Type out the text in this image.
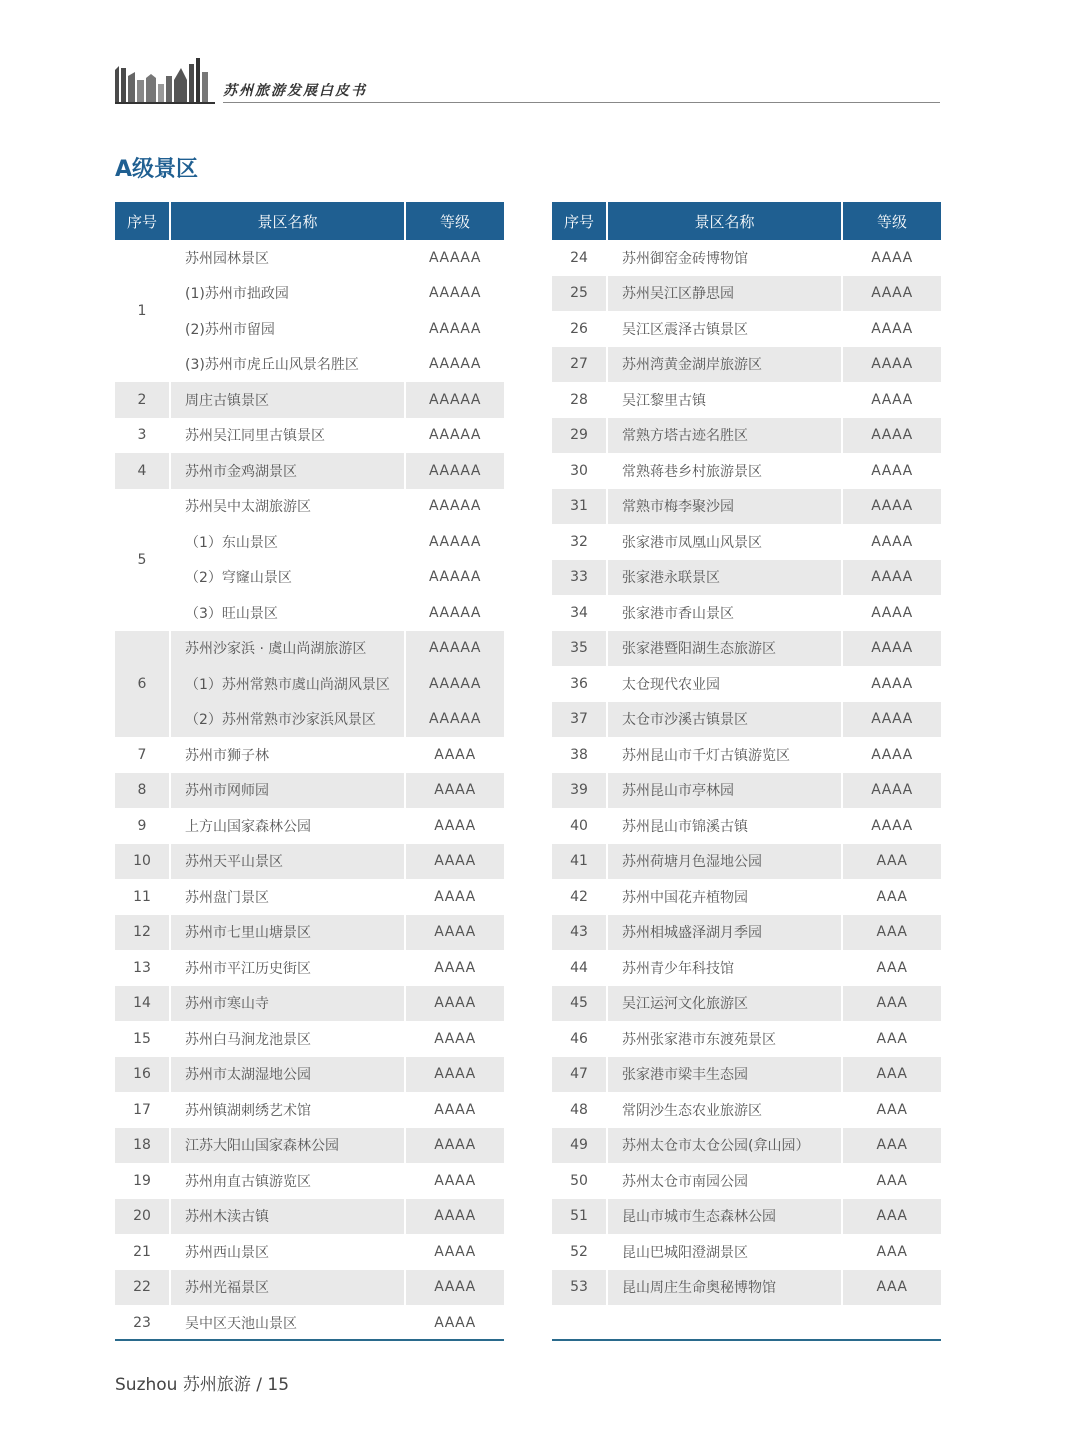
苏州旅游发展白皮书
A级景区
序号	景区名称	等级
1	苏州园林景区	AAAAA
	(1)苏州市拙政园	AAAAA
	(2)苏州市留园	AAAAA
	(3)苏州市虎丘山风景名胜区	AAAAA
2	周庄古镇景区	AAAAA
3	苏州吴江同里古镇景区	AAAAA
4	苏州市金鸡湖景区	AAAAA
5	苏州吴中太湖旅游区	AAAAA
	（1）东山景区	AAAAA
	（2）穹窿山景区	AAAAA
	（3）旺山景区	AAAAA
6	苏州沙家浜 · 虞山尚湖旅游区	AAAAA
	（1）苏州常熟市虞山尚湖风景区	AAAAA
	（2）苏州常熟市沙家浜风景区	AAAAA
7	苏州市狮子林	AAAA
8	苏州市网师园	AAAA
9	上方山国家森林公园	AAAA
10	苏州天平山景区	AAAA
11	苏州盘门景区	AAAA
12	苏州市七里山塘景区	AAAA
13	苏州市平江历史街区	AAAA
14	苏州市寒山寺	AAAA
15	苏州白马涧龙池景区	AAAA
16	苏州市太湖湿地公园	AAAA
17	苏州镇湖刺绣艺术馆	AAAA
18	江苏大阳山国家森林公园	AAAA
19	苏州甪直古镇游览区	AAAA
20	苏州木渎古镇	AAAA
21	苏州西山景区	AAAA
22	苏州光福景区	AAAA
23	吴中区天池山景区	AAAA
序号	景区名称	等级
24	苏州御窑金砖博物馆	AAAA
25	苏州吴江区静思园	AAAA
26	吴江区震泽古镇景区	AAAA
27	苏州湾黄金湖岸旅游区	AAAA
28	吴江黎里古镇	AAAA
29	常熟方塔古迹名胜区	AAAA
30	常熟蒋巷乡村旅游景区	AAAA
31	常熟市梅李聚沙园	AAAA
32	张家港市凤凰山风景区	AAAA
33	张家港永联景区	AAAA
34	张家港市香山景区	AAAA
35	张家港暨阳湖生态旅游区	AAAA
36	太仓现代农业园	AAAA
37	太仓市沙溪古镇景区	AAAA
38	苏州昆山市千灯古镇游览区	AAAA
39	苏州昆山市亭林园	AAAA
40	苏州昆山市锦溪古镇	AAAA
41	苏州荷塘月色湿地公园	AAA
42	苏州中国花卉植物园	AAA
43	苏州相城盛泽湖月季园	AAA
44	苏州青少年科技馆	AAA
45	吴江运河文化旅游区	AAA
46	苏州张家港市东渡苑景区	AAA
47	张家港市梁丰生态园	AAA
48	常阴沙生态农业旅游区	AAA
49	苏州太仓市太仓公园(弇山园）	AAA
50	苏州太仓市南园公园	AAA
51	昆山市城市生态森林公园	AAA
52	昆山巴城阳澄湖景区	AAA
53	昆山周庄生命奥秘博物馆	AAA
Suzhou 苏州旅游 / 15
